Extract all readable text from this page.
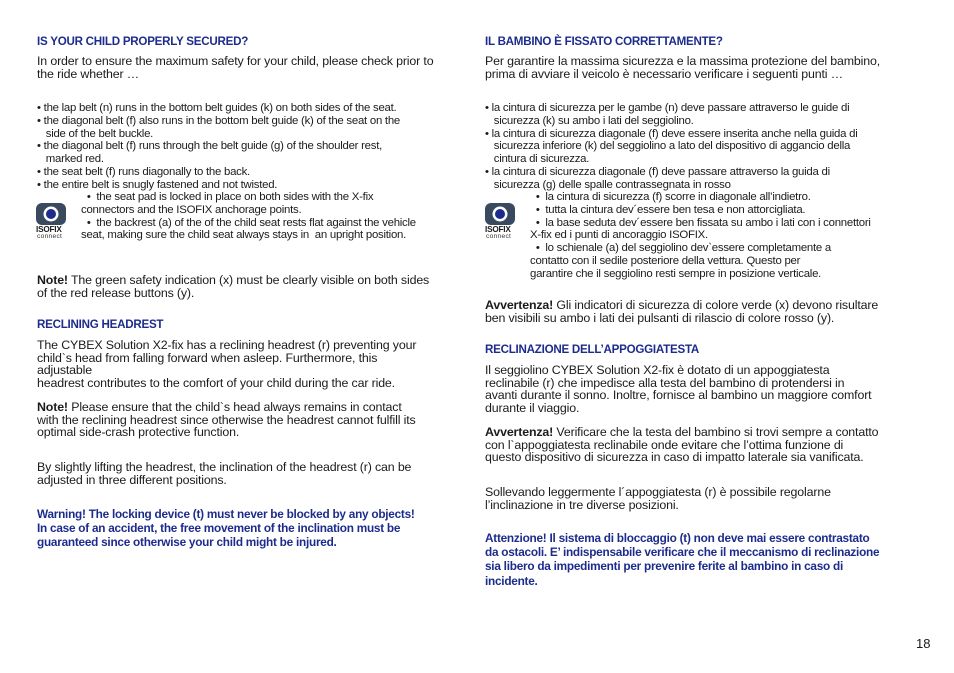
IS YOUR CHILD PROPERLY SECURED?
In order to ensure the maximum safety for your child, please check prior to
the ride whether …
• the lap belt (n) runs in the bottom belt guides (k) on both sides of the seat.
• the diagonal belt (f) also runs in the bottom belt guide (k) of the seat on the
side of the belt buckle.
• the diagonal belt (f) runs through the belt guide (g) of the shoulder rest,
marked red.
• the seat belt (f) runs diagonally to the back.
• the entire belt is snugly fastened and not twisted.
ISOFIX
connect
•  the seat pad is locked in place on both sides with the X-fix
connectors and the ISOFIX anchorage points.
•  the backrest (a) of the of the child seat rests flat against the vehicle
seat, making sure the child seat always stays in  an upright position.
Note! The green safety indication (x) must be clearly visible on both sides
of the red release buttons (y).
RECLINING HEADREST
The CYBEX Solution X2-fix has a reclining headrest (r) preventing your
child`s head from falling forward when asleep. Furthermore, this
adjustable
headrest contributes to the comfort of your child during the car ride.
Note! Please ensure that the child`s head always remains in contact
with the reclining headrest since otherwise the headrest cannot fulfill its
optimal side-crash protective function.
By slightly lifting the headrest, the inclination of the headrest (r) can be
adjusted in three different positions.
Warning! The locking device (t) must never be blocked by any objects!
In case of an accident, the free movement of the inclination must be
guaranteed since otherwise your child might be injured.
IL BAMBINO È FISSATO CORRETTAMENTE?
Per garantire la massima sicurezza e la massima protezione del bambino,
prima di avviare il veicolo è necessario verificare i seguenti punti …
• la cintura di sicurezza per le gambe (n) deve passare attraverso le guide di
sicurezza (k) su ambo i lati del seggiolino.
• la cintura di sicurezza diagonale (f) deve essere inserita anche nella guida di
sicurezza inferiore (k) del seggiolino a lato del dispositivo di aggancio della
cintura di sicurezza.
• la cintura di sicurezza diagonale (f) deve passare attraverso la guida di
sicurezza (g) delle spalle contrassegnata in rosso
ISOFIX
connect
•  la cintura di sicurezza (f) scorre in diagonale all’indietro.
•  tutta la cintura dev´essere ben tesa e non attorcigliata.
•  la base seduta dev´essere ben fissata su ambo i lati con i connettori
X-fix ed i punti di ancoraggio ISOFIX.
•  lo schienale (a) del seggiolino dev`essere completamente a
contatto con il sedile posteriore della vettura. Questo per
garantire che il seggiolino resti sempre in posizione verticale.
Avvertenza! Gli indicatori di sicurezza di colore verde (x) devono risultare
ben visibili su ambo i lati dei pulsanti di rilascio di colore rosso (y).
RECLINAZIONE DELL’APPOGGIATESTA
Il seggiolino CYBEX Solution X2-fix è dotato di un appoggiatesta
reclinabile (r) che impedisce alla testa del bambino di protendersi in
avanti durante il sonno. Inoltre, fornisce al bambino un maggiore comfort
durante il viaggio.
Avvertenza! Verificare che la testa del bambino si trovi sempre a contatto
con l`appoggiatesta reclinabile onde evitare che l’ottima funzione di
questo dispositivo di sicurezza in caso di impatto laterale sia vanificata.
Sollevando leggermente l´appoggiatesta (r) è possibile regolarne
l’inclinazione in tre diverse posizioni.
Attenzione! Il sistema di bloccaggio (t) non deve mai essere contrastato
da ostacoli. E’ indispensabile verificare che il meccanismo di reclinazione
sia libero da impedimenti per prevenire ferite al bambino in caso di
incidente.
18
